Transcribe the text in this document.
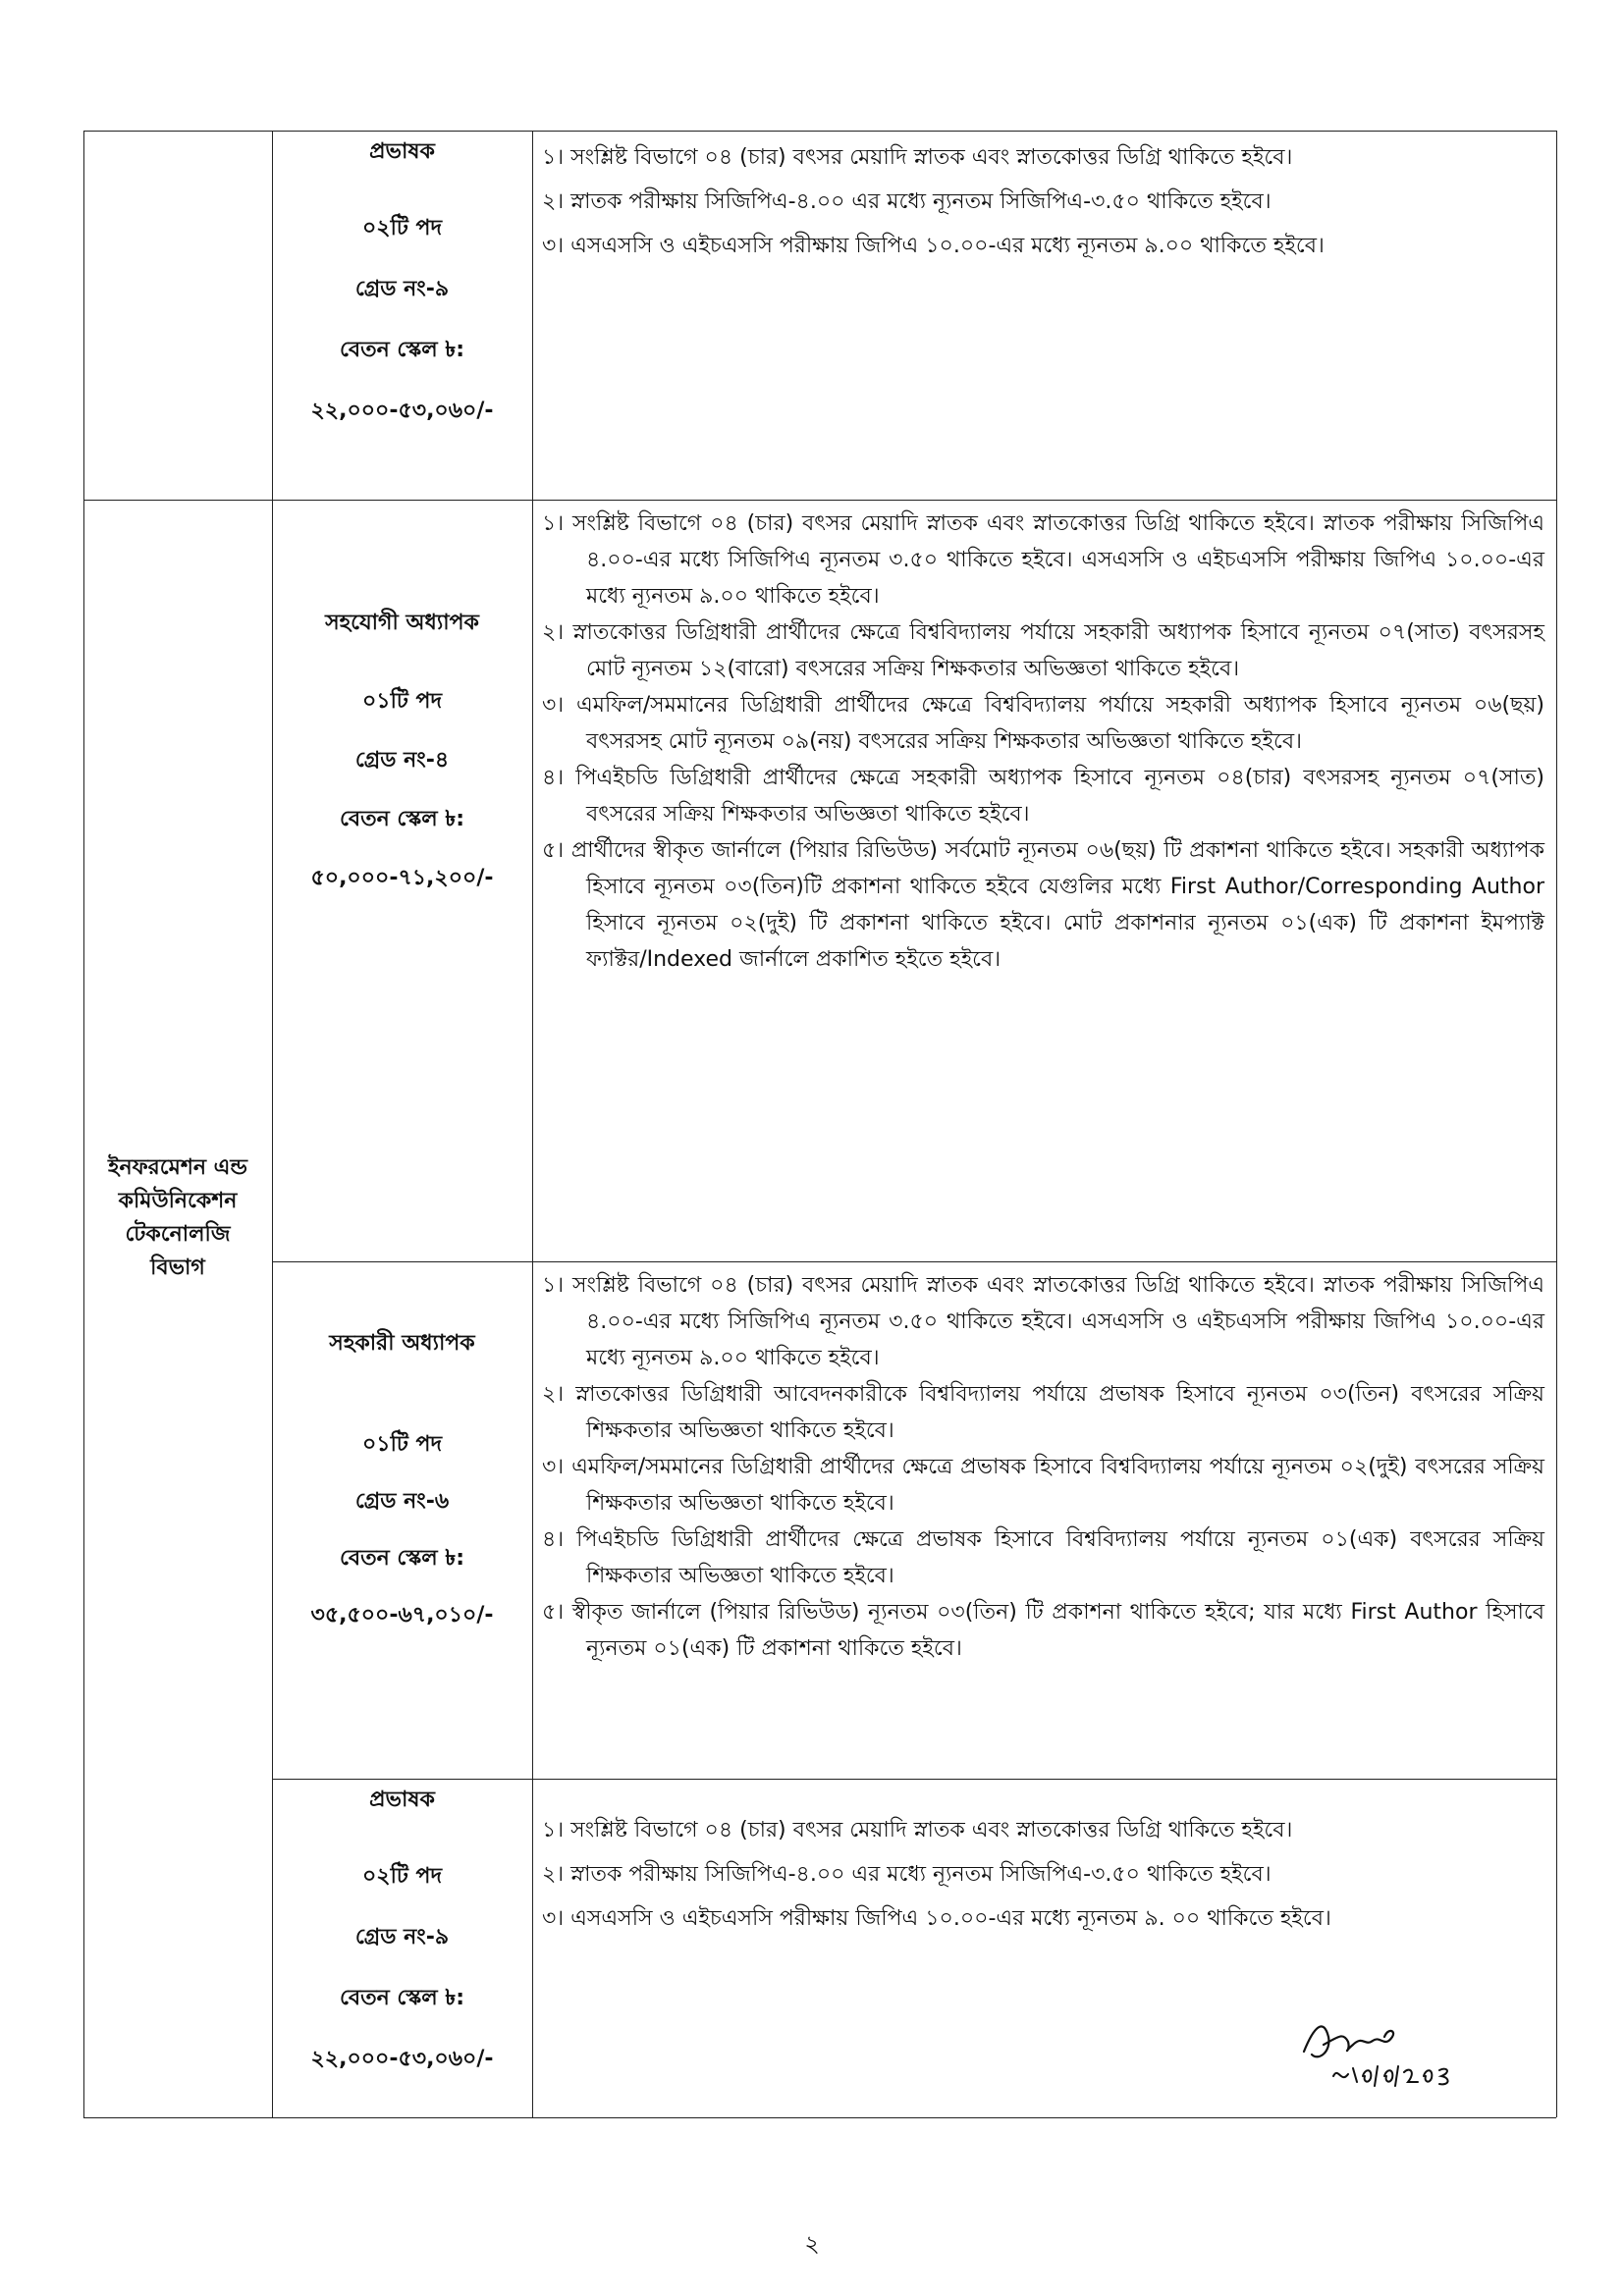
প্রভাষক

০২টি পদ

গ্রেড নং-৯

বেতন স্কেল ৳:

২২,০০০-৫৩,০৬০/-

১। সংশ্লিষ্ট বিভাগে ০৪ (চার) বৎসর মেয়াদি স্নাতক এবং স্নাতকোত্তর ডিগ্রি থাকিতে হইবে।

২। স্নাতক পরীক্ষায় সিজিপিএ-৪.০০ এর মধ্যে ন্যূনতম সিজিপিএ-৩.৫০ থাকিতে হইবে।

৩। এসএসসি ও এইচএসসি পরীক্ষায় জিপিএ ১০.০০-এর মধ্যে ন্যূনতম ৯.০০ থাকিতে হইবে।

ইনফরমেশন এন্ড কমিউনিকেশন টেকনোলজি বিভাগ

সহযোগী অধ্যাপক

০১টি পদ

গ্রেড নং-৪

বেতন স্কেল ৳:

৫০,০০০-৭১,২০০/-

১। সংশ্লিষ্ট বিভাগে ০৪ (চার) বৎসর মেয়াদি স্নাতক এবং স্নাতকোত্তর ডিগ্রি থাকিতে হইবে। স্নাতক পরীক্ষায় সিজিপিএ ৪.০০-এর মধ্যে সিজিপিএ ন্যূনতম ৩.৫০ থাকিতে হইবে। এসএসসি ও এইচএসসি পরীক্ষায় জিপিএ ১০.০০-এর মধ্যে ন্যূনতম ৯.০০ থাকিতে হইবে।

২। স্নাতকোত্তর ডিগ্রিধারী প্রার্থীদের ক্ষেত্রে বিশ্ববিদ্যালয় পর্যায়ে সহকারী অধ্যাপক হিসাবে ন্যূনতম ০৭(সাত) বৎসরসহ মোট ন্যূনতম ১২(বারো) বৎসরের সক্রিয় শিক্ষকতার অভিজ্ঞতা থাকিতে হইবে।

৩। এমফিল/সমমানের ডিগ্রিধারী প্রার্থীদের ক্ষেত্রে বিশ্ববিদ্যালয় পর্যায়ে সহকারী অধ্যাপক হিসাবে ন্যূনতম ০৬(ছয়) বৎসরসহ মোট ন্যূনতম ০৯(নয়) বৎসরের সক্রিয় শিক্ষকতার অভিজ্ঞতা থাকিতে হইবে।

৪। পিএইচডি ডিগ্রিধারী প্রার্থীদের ক্ষেত্রে সহকারী অধ্যাপক হিসাবে ন্যূনতম ০৪(চার) বৎসরসহ ন্যূনতম ০৭(সাত) বৎসরের সক্রিয় শিক্ষকতার অভিজ্ঞতা থাকিতে হইবে।

৫। প্রার্থীদের স্বীকৃত জার্নালে (পিয়ার রিভিউড) সর্বমোট ন্যূনতম ০৬(ছয়) টি প্রকাশনা থাকিতে হইবে। সহকারী অধ্যাপক হিসাবে ন্যূনতম ০৩(তিন)টি প্রকাশনা থাকিতে হইবে যেগুলির মধ্যে First Author/Corresponding Author হিসাবে ন্যূনতম ০২(দুই) টি প্রকাশনা থাকিতে হইবে। মোট প্রকাশনার ন্যূনতম ০১(এক) টি প্রকাশনা ইমপ্যাক্ট ফ্যাক্টর/Indexed জার্নালে প্রকাশিত হইতে হইবে।

সহকারী অধ্যাপক

০১টি পদ

গ্রেড নং-৬

বেতন স্কেল ৳:

৩৫,৫০০-৬৭,০১০/-

১। সংশ্লিষ্ট বিভাগে ০৪ (চার) বৎসর মেয়াদি স্নাতক এবং স্নাতকোত্তর ডিগ্রি থাকিতে হইবে। স্নাতক পরীক্ষায় সিজিপিএ ৪.০০-এর মধ্যে সিজিপিএ ন্যূনতম ৩.৫০ থাকিতে হইবে। এসএসসি ও এইচএসসি পরীক্ষায় জিপিএ ১০.০০-এর মধ্যে ন্যূনতম ৯.০০ থাকিতে হইবে।

২। স্নাতকোত্তর ডিগ্রিধারী আবেদনকারীকে বিশ্ববিদ্যালয় পর্যায়ে প্রভাষক হিসাবে ন্যূনতম ০৩(তিন) বৎসরের সক্রিয় শিক্ষকতার অভিজ্ঞতা থাকিতে হইবে।

৩। এমফিল/সমমানের ডিগ্রিধারী প্রার্থীদের ক্ষেত্রে প্রভাষক হিসাবে বিশ্ববিদ্যালয় পর্যায়ে ন্যূনতম ০২(দুই) বৎসরের সক্রিয় শিক্ষকতার অভিজ্ঞতা থাকিতে হইবে।

৪। পিএইচডি ডিগ্রিধারী প্রার্থীদের ক্ষেত্রে প্রভাষক হিসাবে বিশ্ববিদ্যালয় পর্যায়ে ন্যূনতম ০১(এক) বৎসরের সক্রিয় শিক্ষকতার অভিজ্ঞতা থাকিতে হইবে।

৫। স্বীকৃত জার্নালে (পিয়ার রিভিউড) ন্যূনতম ০৩(তিন) টি প্রকাশনা থাকিতে হইবে; যার মধ্যে First Author হিসাবে ন্যূনতম ০১(এক) টি প্রকাশনা থাকিতে হইবে।

প্রভাষক

০২টি পদ

গ্রেড নং-৯

বেতন স্কেল ৳:

২২,০০০-৫৩,০৬০/-

১। সংশ্লিষ্ট বিভাগে ০৪ (চার) বৎসর মেয়াদি স্নাতক এবং স্নাতকোত্তর ডিগ্রি থাকিতে হইবে।

২। স্নাতক পরীক্ষায় সিজিপিএ-৪.০০ এর মধ্যে ন্যূনতম সিজিপিএ-৩.৫০ থাকিতে হইবে।

৩। এসএসসি ও এইচএসসি পরীক্ষায় জিপিএ ১০.০০-এর মধ্যে ন্যূনতম ৯. ০০ থাকিতে হইবে।

২
